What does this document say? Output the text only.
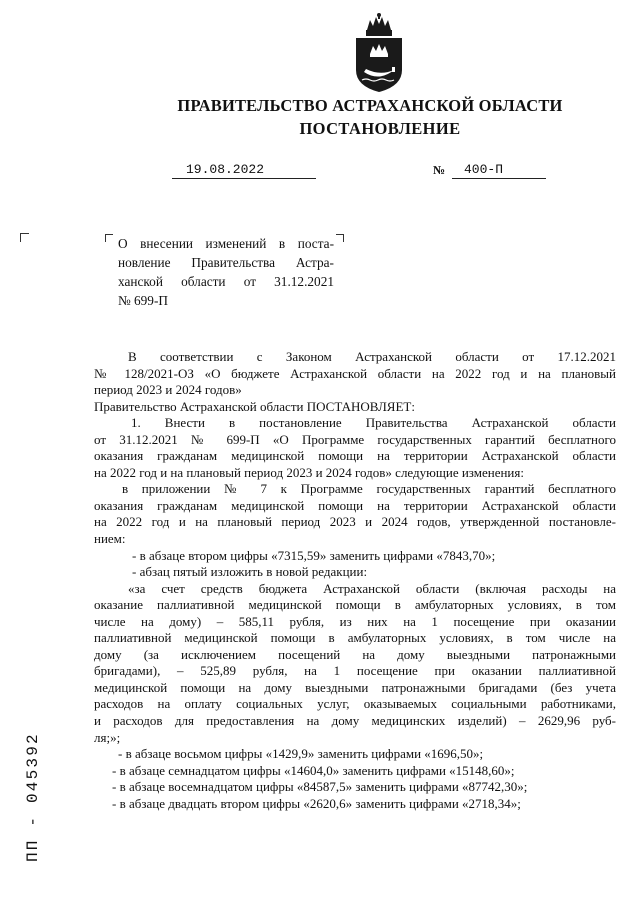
ПРАВИТЕЛЬСТВО АСТРАХАНСКОЙ ОБЛАСТИ
ПОСТАНОВЛЕНИЕ
19.08.2022	№	400-П
О внесении изменений в поста-
новление Правительства Астра-
ханской области от 31.12.2021
№ 699-П
В соответствии с Законом Астраханской области от 17.12.2021
№ 128/2021-ОЗ «О бюджете Астраханской области на 2022 год и на плановый
период 2023 и 2024 годов»
Правительство Астраханской области ПОСТАНОВЛЯЕТ:
1. Внести в постановление Правительства Астраханской области
от 31.12.2021 № 699-П «О Программе государственных гарантий бесплатного
оказания гражданам медицинской помощи на территории Астраханской области
на 2022 год и на плановый период 2023 и 2024 годов» следующие изменения:
в приложении № 7 к Программе государственных гарантий бесплатного
оказания гражданам медицинской помощи на территории Астраханской области
на 2022 год и на плановый период 2023 и 2024 годов, утвержденной постановле-
нием:
- в абзаце втором цифры «7315,59» заменить цифрами «7843,70»;
- абзац пятый изложить в новой редакции:
«за счет средств бюджета Астраханской области (включая расходы на
оказание паллиативной медицинской помощи в амбулаторных условиях, в том
числе на дому) – 585,11 рубля, из них на 1 посещение при оказании
паллиативной медицинской помощи в амбулаторных условиях, в том числе на
дому (за исключением посещений на дому выездными патронажными
бригадами), – 525,89 рубля, на 1 посещение при оказании паллиативной
медицинской помощи на дому выездными патронажными бригадами (без учета
расходов на оплату социальных услуг, оказываемых социальными работниками,
и расходов для предоставления на дому медицинских изделий) – 2629,96 руб-
ля;»;
- в абзаце восьмом цифры «1429,9» заменить цифрами «1696,50»;
- в абзаце семнадцатом цифры «14604,0» заменить цифрами «15148,60»;
- в абзаце восемнадцатом цифры «84587,5» заменить цифрами «87742,30»;
- в абзаце двадцать втором цифры «2620,6» заменить цифрами «2718,34»;
ПП - 045392
